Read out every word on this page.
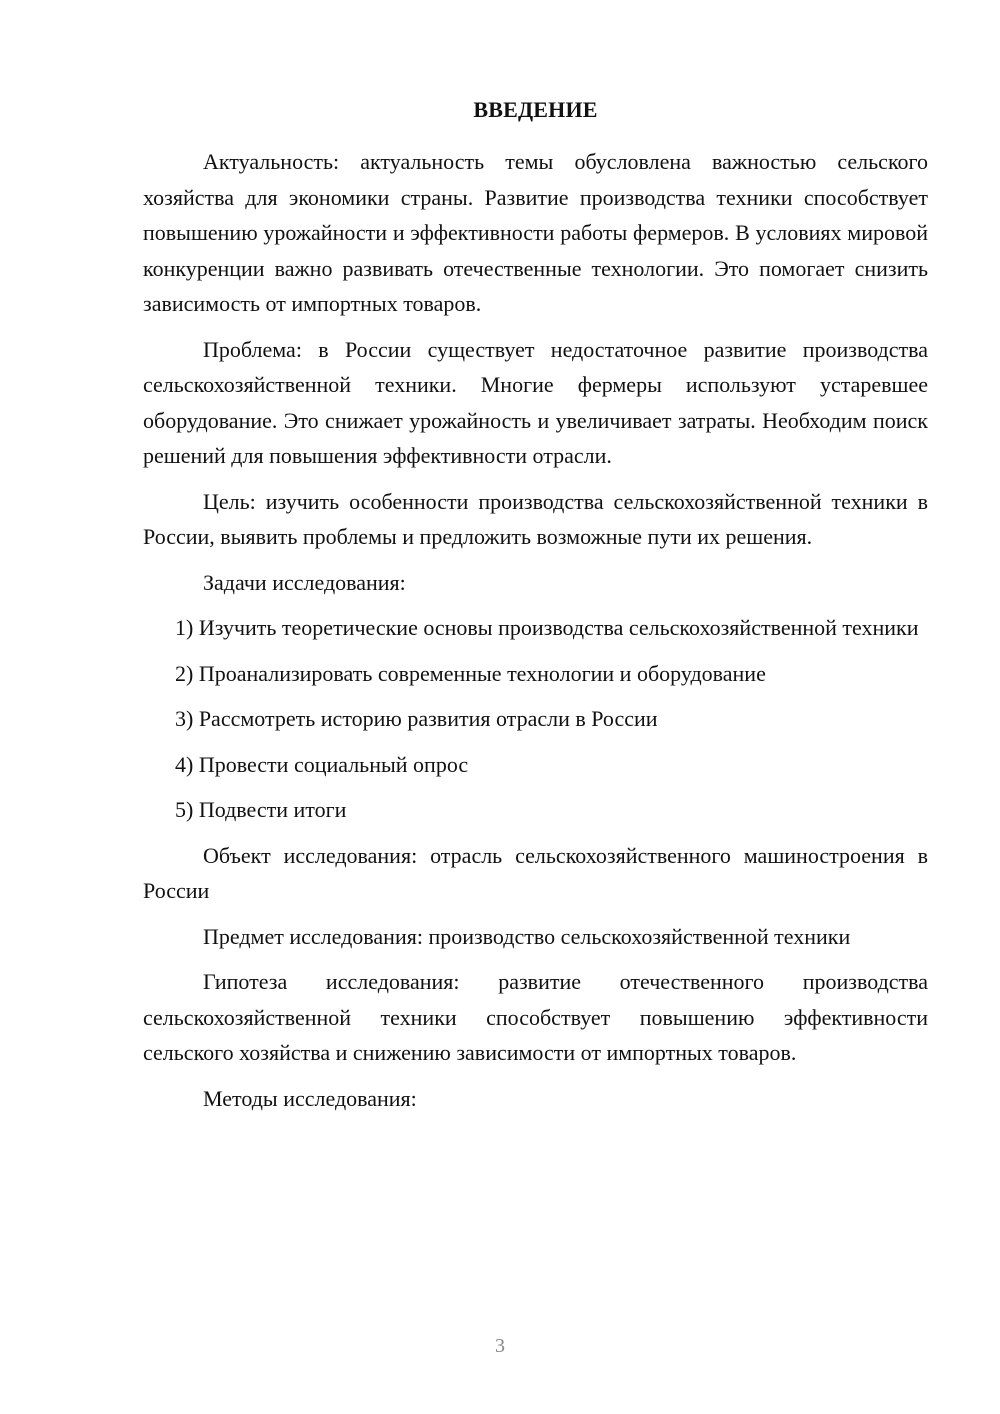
ВВЕДЕНИЕ

Актуальность: актуальность темы обусловлена важностью сельского хозяйства для экономики страны. Развитие производства техники способствует повышению урожайности и эффективности работы фермеров. В условиях мировой конкуренции важно развивать отечественные технологии. Это помогает снизить зависимость от импортных товаров.

Проблема: в России существует недостаточное развитие производства сельскохозяйственной техники. Многие фермеры используют устаревшее оборудование. Это снижает урожайность и увеличивает затраты. Необходим поиск решений для повышения эффективности отрасли.

Цель: изучить особенности производства сельскохозяйственной техники в России, выявить проблемы и предложить возможные пути их решения.

Задачи исследования:

1) Изучить теоретические основы производства сельскохозяйственной техники

2) Проанализировать современные технологии и оборудование

3) Рассмотреть историю развития отрасли в России

4) Провести социальный опрос

5) Подвести итоги

Объект исследования: отрасль сельскохозяйственного машиностроения в России

Предмет исследования: производство сельскохозяйственной техники

Гипотеза исследования: развитие отечественного производства сельскохозяйственной техники способствует повышению эффективности сельского хозяйства и снижению зависимости от импортных товаров.

Методы исследования:

3
